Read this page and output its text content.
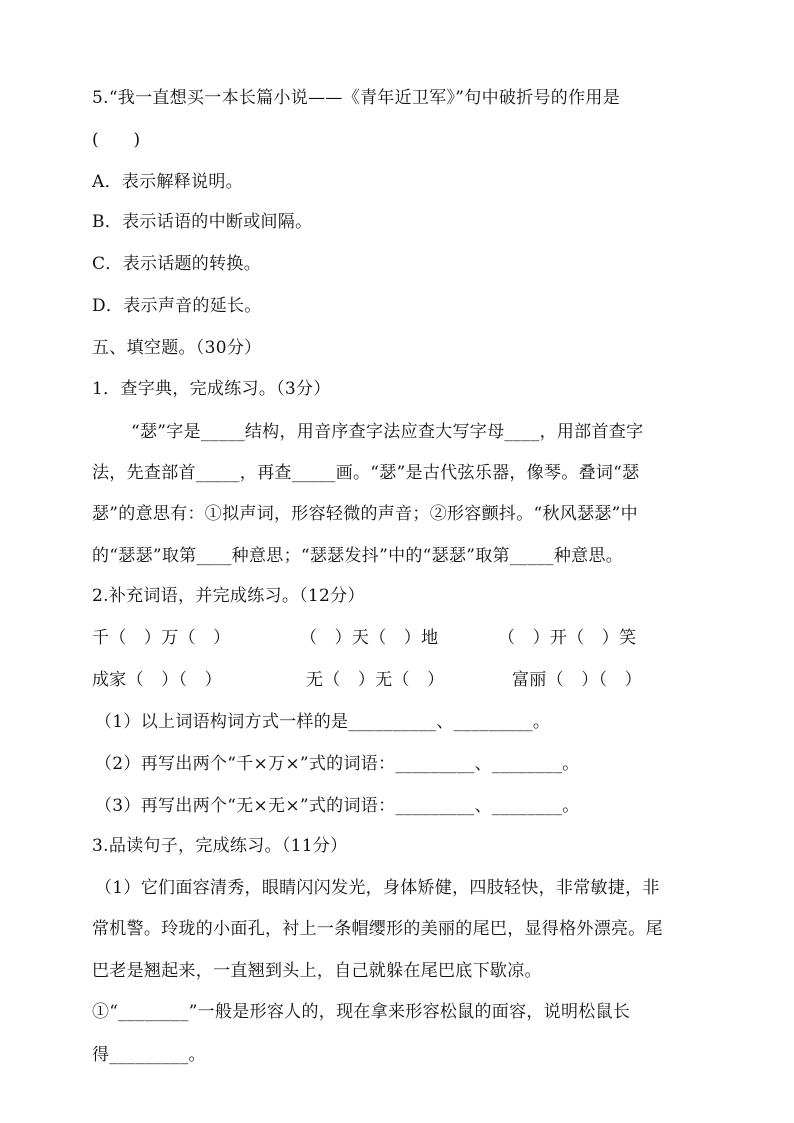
5.“我一直想买一本长篇小说——《青年近卫军》”句中破折号的作用是
(　　)
A．表示解释说明。
B．表示话语的中断或间隔。
C．表示话题的转换。
D．表示声音的延长。
五、填空题。（30分）
1．查字典，完成练习。（3分）
“瑟”字是_____结构，用音序查字法应查大写字母____，用部首查字
法，先查部首_____，再查_____画。“瑟”是古代弦乐器，像琴。叠词“瑟
瑟”的意思有：①拟声词，形容轻微的声音；②形容颤抖。“秋风瑟瑟”中
的“瑟瑟”取第____种意思；“瑟瑟发抖”中的“瑟瑟”取第_____种意思。
2.补充词语，并完成练习。（12分）
千（　）万（　）	（　）天（　）地	（　）开（　）笑
成家（　）（　）	无（　）无（　）	富丽（　）（　）
（1）以上词语构词方式一样的是__________、_________。
（2）再写出两个“千×万×”式的词语：_________、________。
（3）再写出两个“无×无×”式的词语：_________、________。
3.品读句子，完成练习。（11分）
（1）它们面容清秀，眼睛闪闪发光，身体矫健，四肢轻快，非常敏捷，非
常机警。玲珑的小面孔，衬上一条帽缨形的美丽的尾巴，显得格外漂亮。尾
巴老是翘起来，一直翘到头上，自己就躲在尾巴底下歇凉。
①“________”一般是形容人的，现在拿来形容松鼠的面容，说明松鼠长
得_________。
